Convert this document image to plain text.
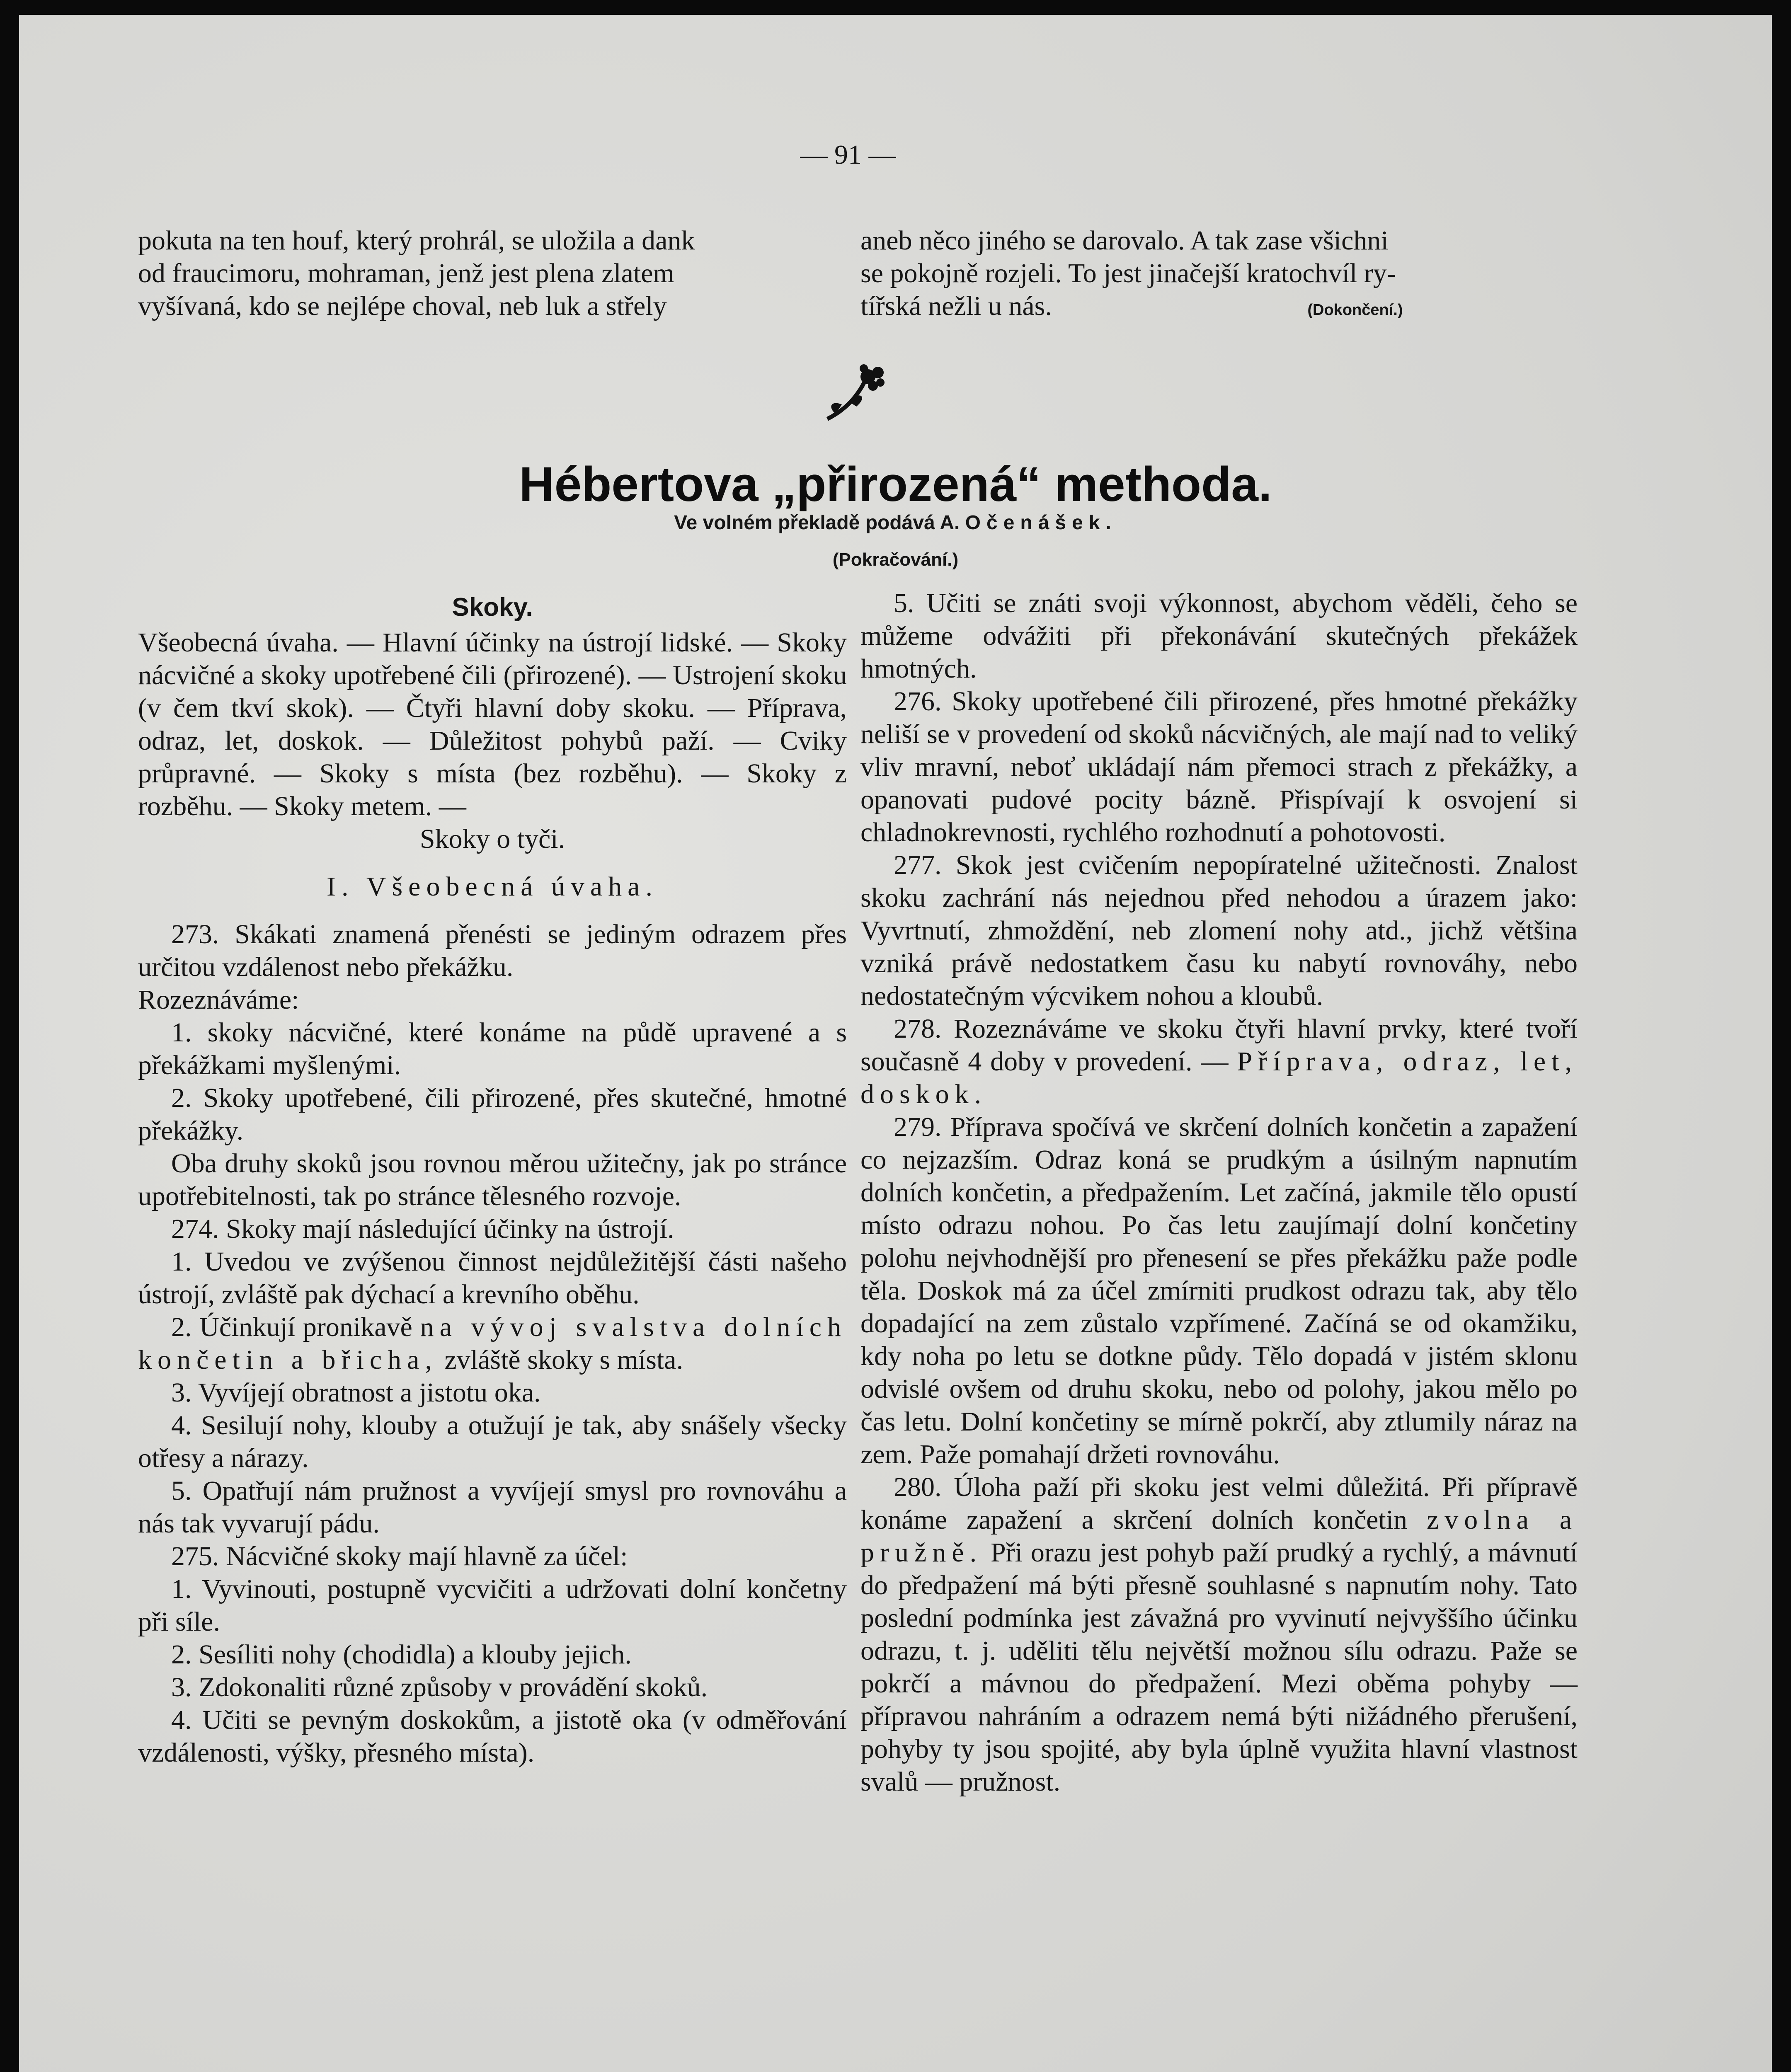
— 91 —

pokuta na ten houf, který prohrál, se uložila a dank

od fraucimoru, mohraman, jenž jest plena zlatem

vyšívaná, kdo se nejlépe choval, neb luk a střely

aneb něco jiného se darovalo. A tak zase všichni

se pokojně rozjeli. To jest jinačejší kratochvíl ry-

tířská nežli u nás.	(Dokončení.)

Hébertova „přirozená“ methoda.
Ve volném překladě podává A. Očenášek.
(Pokračování.)

Skoky.

Všeobecná úvaha. — Hlavní účinky na ústrojí lidské. — Skoky nácvičné a skoky upotřebené čili (přirozené). — Ustrojení skoku (v čem tkví skok). — Čtyři hlavní doby skoku. — Příprava, odraz, let, doskok. — Důležitost pohybů paží. — Cviky průpravné. — Skoky s místa (bez rozběhu). — Skoky z rozběhu. — Skoky metem. —

Skoky o tyči.

I. Všeobecná úvaha.

273. Skákati znamená přenésti se jediným odrazem přes určitou vzdálenost nebo překážku.

Rozeznáváme:

1. skoky nácvičné, které konáme na půdě upravené a s překážkami myšlenými.

2. Skoky upotřebené, čili přirozené, přes skutečné, hmotné překážky.

Oba druhy skoků jsou rovnou měrou užitečny, jak po stránce upotřebitelnosti, tak po stránce tělesného rozvoje.

274. Skoky mají následující účinky na ústrojí.

1. Uvedou ve zvýšenou činnost nejdůležitější části našeho ústrojí, zvláště pak dýchací a krevního oběhu.

2. Účinkují pronikavě na vývoj svalstva dolních končetin a břicha, zvláště skoky s místa.

3. Vyvíjejí obratnost a jistotu oka.

4. Sesilují nohy, klouby a otužují je tak, aby snášely všecky otřesy a nárazy.

5. Opatřují nám pružnost a vyvíjejí smysl pro rovnováhu a nás tak vyvarují pádu.

275. Nácvičné skoky mají hlavně za účel:

1. Vyvinouti, postupně vycvičiti a udržovati dolní končetny při síle.

2. Sesíliti nohy (chodidla) a klouby jejich.

3. Zdokonaliti různé způsoby v provádění skoků.

4. Učiti se pevným doskokům, a jistotě oka (v odměřování vzdálenosti, výšky, přesného místa).

5. Učiti se znáti svoji výkonnost, abychom věděli, čeho se můžeme odvážiti při překonávání skutečných překážek hmotných.

276. Skoky upotřebené čili přirozené, přes hmotné překážky neliší se v provedení od skoků nácvičných, ale mají nad to veliký vliv mravní, neboť ukládají nám přemoci strach z překážky, a opanovati pudové pocity bázně. Přispívají k osvojení si chladnokrevnosti, rychlého rozhodnutí a pohotovosti.

277. Skok jest cvičením nepopíratelné užitečnosti. Znalost skoku zachrání nás nejednou před nehodou a úrazem jako: Vyvrtnutí, zhmoždění, neb zlomení nohy atd., jichž většina vzniká právě nedostatkem času ku nabytí rovnováhy, nebo nedostatečným výcvikem nohou a kloubů.

278. Rozeznáváme ve skoku čtyři hlavní prvky, které tvoří současně 4 doby v provedení. — Příprava, odraz, let, doskok.

279. Příprava spočívá ve skrčení dolních končetin a zapažení co nejzazším. Odraz koná se prudkým a úsilným napnutím dolních končetin, a předpažením. Let začíná, jakmile tělo opustí místo odrazu nohou. Po čas letu zaujímají dolní končetiny polohu nejvhodnější pro přenesení se přes překážku paže podle těla. Doskok má za účel zmírniti prudkost odrazu tak, aby tělo dopadající na zem zůstalo vzpřímené. Začíná se od okamžiku, kdy noha po letu se dotkne půdy. Tělo dopadá v jistém sklonu odvislé ovšem od druhu skoku, nebo od polohy, jakou mělo po čas letu. Dolní končetiny se mírně pokrčí, aby ztlumily náraz na zem. Paže pomahají držeti rovnováhu.

280. Úloha paží při skoku jest velmi důležitá. Při přípravě konáme zapažení a skrčení dolních končetin zvolna a pružně. Při orazu jest pohyb paží prudký a rychlý, a mávnutí do předpažení má býti přesně souhlasné s napnutím nohy. Tato poslední podmínka jest závažná pro vyvinutí nejvyššího účinku odrazu, t. j. uděliti tělu největší možnou sílu odrazu. Paže se pokrčí a mávnou do předpažení. Mezi oběma pohyby — přípravou nahráním a odrazem nemá býti nižádného přerušení, pohyby ty jsou spojité, aby byla úplně využita hlavní vlastnost svalů — pružnost.
